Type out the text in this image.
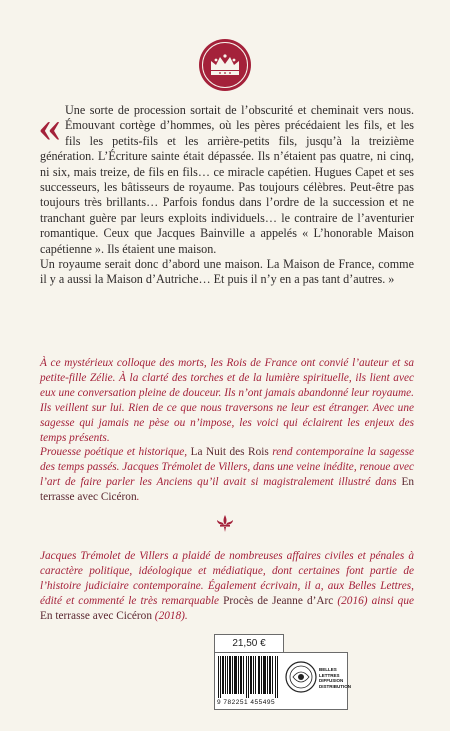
« Une sorte de procession sortait de l’obscurité et cheminait vers nous. Émouvant cortège d’hommes, où les pères précédaient les fils, et les fils les petits-fils et les arrière-petits fils, jusqu’à la treizième génération. L’Écriture sainte était dépassée. Ils n’étaient pas quatre, ni cinq, ni six, mais treize, de fils en fils… ce miracle capétien. Hugues Capet et ses successeurs, les bâtisseurs de royaume. Pas toujours célèbres. Peut-être pas toujours très brillants… Parfois fondus dans l’ordre de la succession et ne tranchant guère par leurs exploits individuels… le contraire de l’aventurier romantique. Ceux que Jacques Bainville a appelés « L’honorable Maison capétienne ». Ils étaient une maison.

Un royaume serait donc d’abord une maison. La Maison de France, comme il y a aussi la Maison d’Autriche… Et puis il n’y en a pas tant d’autres. »

À ce mystérieux colloque des morts, les Rois de France ont convié l’auteur et sa petite-fille Zélie. À la clarté des torches et de la lumière spirituelle, ils lient avec eux une conversation pleine de douceur. Ils n’ont jamais abandonné leur royaume. Ils veillent sur lui. Rien de ce que nous traversons ne leur est étranger. Avec une sagesse qui jamais ne pèse ou n’impose, les voici qui éclairent les enjeux des temps présents.

Prouesse poétique et historique, La Nuit des Rois rend contemporaine la sagesse des temps passés. Jacques Trémolet de Villers, dans une veine inédite, renoue avec l’art de faire parler les Anciens qu’il avait si magistralement illustré dans En terrasse avec Cicéron.

Jacques Trémolet de Villers a plaidé de nombreuses affaires civiles et pénales à caractère politique, idéologique et médiatique, dont certaines font partie de l’histoire judiciaire contemporaine. Également écrivain, il a, aux Belles Lettres, édité et commenté le très remarquable Procès de Jeanne d’Arc (2016) ainsi que En terrasse avec Cicéron (2018).
21,50 €
9 782251 455495
BELLES LETTRES DIFFUSION DISTRIBUTION
